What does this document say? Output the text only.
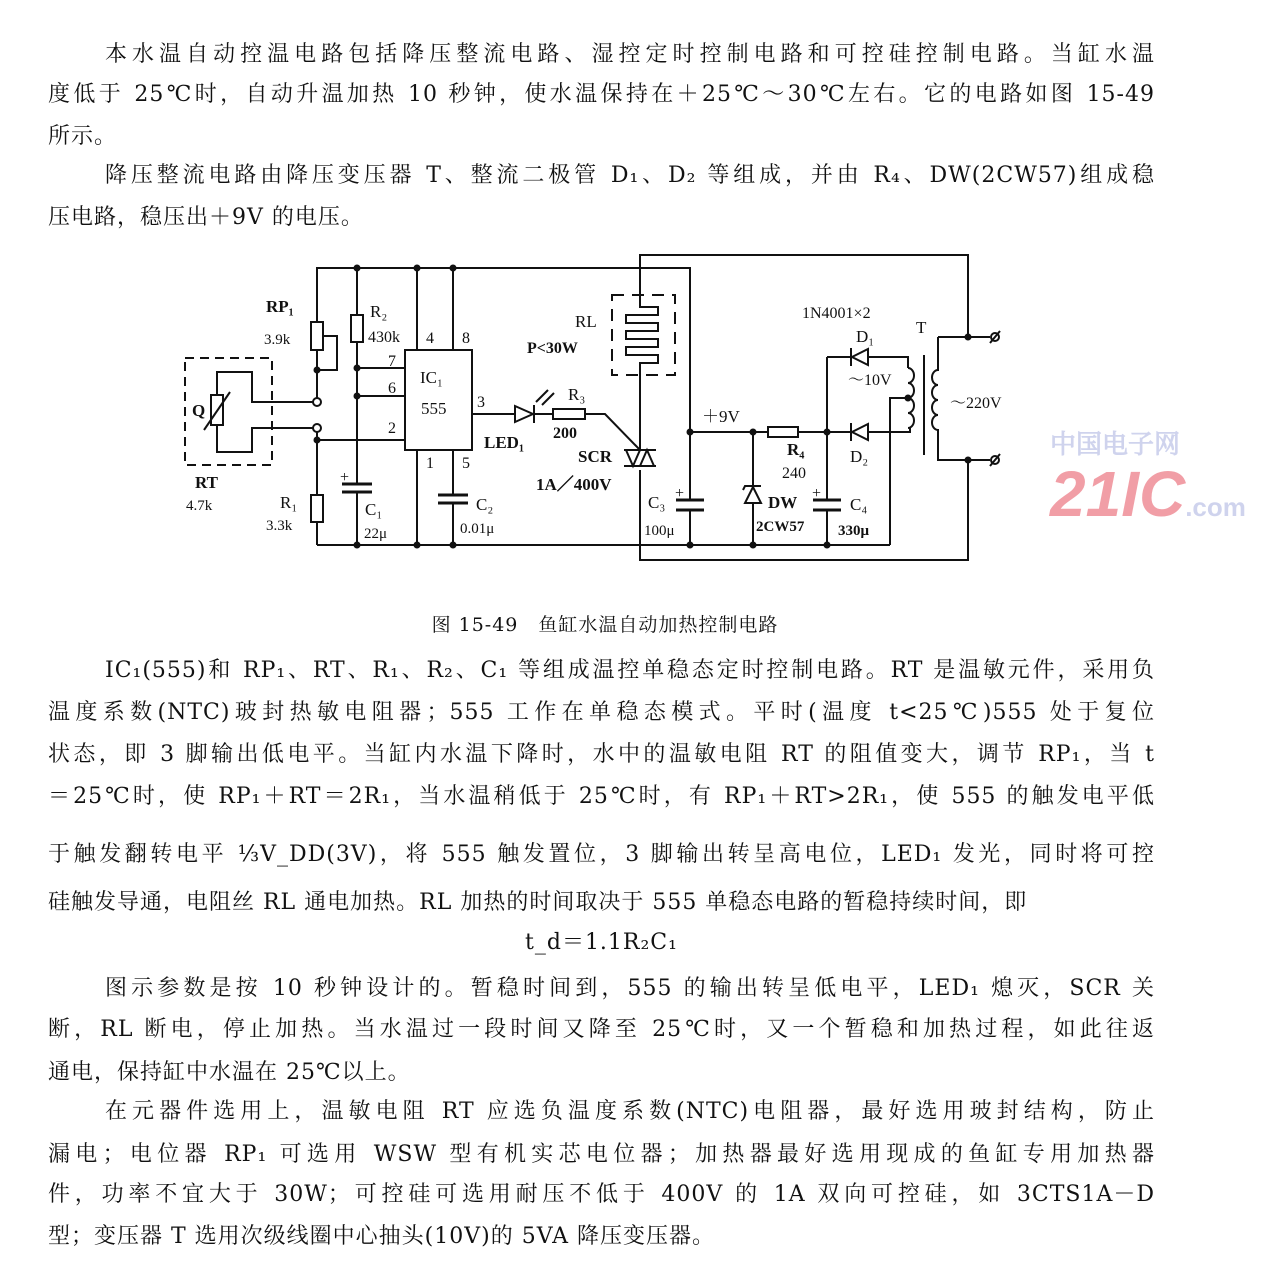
本水温自动控温电路包括降压整流电路、湿控定时控制电路和可控硅控制电路。当缸水温
度低于 25℃时，自动升温加热 10 秒钟，使水温保持在＋25℃～30℃左右。它的电路如图 15-49
所示。
降压整流电路由降压变压器 T、整流二极管 D₁、D₂ 等组成，并由 R₄、DW(2CW57)组成稳
压电路，稳压出＋9V 的电压。
IC₁(555)和 RP₁、RT、R₁、R₂、C₁ 等组成温控单稳态定时控制电路。RT 是温敏元件，采用负
温度系数(NTC)玻封热敏电阻器；555 工作在单稳态模式。平时(温度 t<25℃)555 处于复位
状态，即 3 脚输出低电平。当缸内水温下降时，水中的温敏电阻 RT 的阻值变大，调节 RP₁，当 t
＝25℃时，使 RP₁＋RT＝2R₁，当水温稍低于 25℃时，有 RP₁＋RT>2R₁，使 555 的触发电平低
于触发翻转电平 ⅓V_DD(3V)，将 555 触发置位，3 脚输出转呈高电位，LED₁ 发光，同时将可控
硅触发导通，电阻丝 RL 通电加热。RL 加热的时间取决于 555 单稳态电路的暂稳持续时间，即
t_d＝1.1R₂C₁
图示参数是按 10 秒钟设计的。暂稳时间到，555 的输出转呈低电平，LED₁ 熄灭，SCR 关
断，RL 断电，停止加热。当水温过一段时间又降至 25℃时，又一个暂稳和加热过程，如此往返
通电，保持缸中水温在 25℃以上。
在元器件选用上，温敏电阻 RT 应选负温度系数(NTC)电阻器，最好选用玻封结构，防止
漏电；电位器 RP₁ 可选用 WSW 型有机实芯电位器；加热器最好选用现成的鱼缸专用加热器
件，功率不宜大于 30W；可控硅可选用耐压不低于 400V 的 1A 双向可控硅，如 3CTS1A－D
型；变压器 T 选用次级线圈中心抽头(10V)的 5VA 降压变压器。
RP₁
3.9k
Q
RT
4.7k	R₁
3.3k
R₂
430k
+
C₁
22μ
4 8
7
6
2
3
1 5
IC₁
555
C₂
0.01μ
LED₁
R₃
200
RL
P<30W
SCR
1A／400V
C₃ +
100μ
＋9V
R₄
240
DW
2CW57
+
C₄
330μ
1N4001×2
D₁
～10V
D₂
T
～220V
图 15-49　鱼缸水温自动加热控制电路
中国电子网
21IC.com
